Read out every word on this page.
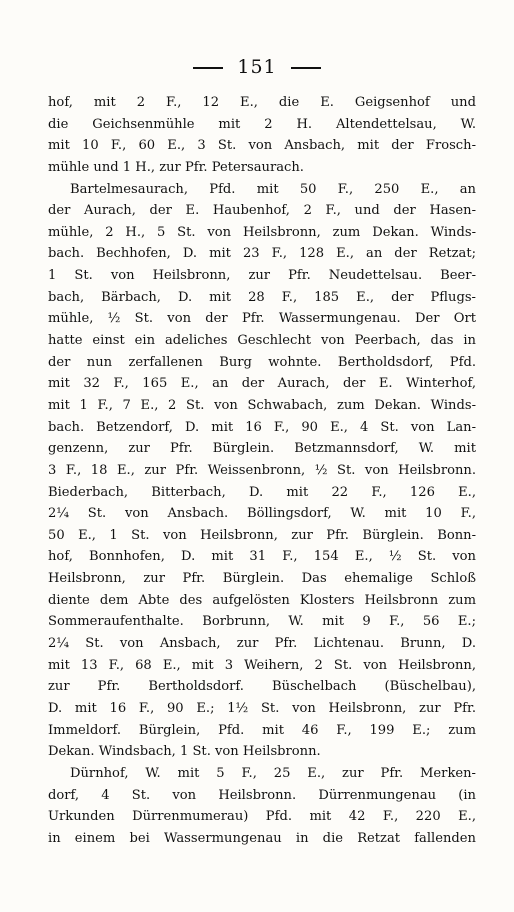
151
hof, mit 2 F., 12 E., die E. Geigsenhof und
die Geichsenmühle mit 2 H. Altendettelsau, W.
mit 10 F., 60 E., 3 St. von Ansbach, mit der Frosch-
mühle und 1 H., zur Pfr. Petersaurach.
Bartelmesaurach, Pfd. mit 50 F., 250 E., an
der Aurach, der E. Haubenhof, 2 F., und der Hasen-
mühle, 2 H., 5 St. von Heilsbronn, zum Dekan. Winds-
bach. Bechhofen, D. mit 23 F., 128 E., an der Retzat;
1 St. von Heilsbronn, zur Pfr. Neudettelsau. Beer-
bach, Bärbach, D. mit 28 F., 185 E., der Pflugs-
mühle, ½ St. von der Pfr. Wassermungenau. Der Ort
hatte einst ein adeliches Geschlecht von Peerbach, das in
der nun zerfallenen Burg wohnte. Bertholdsdorf, Pfd.
mit 32 F., 165 E., an der Aurach, der E. Winterhof,
mit 1 F., 7 E., 2 St. von Schwabach, zum Dekan. Winds-
bach. Betzendorf, D. mit 16 F., 90 E., 4 St. von Lan-
genzenn, zur Pfr. Bürglein. Betzmannsdorf, W. mit
3 F., 18 E., zur Pfr. Weissenbronn, ½ St. von Heilsbronn.
Biederbach, Bitterbach, D. mit 22 F., 126 E.,
2¼ St. von Ansbach. Böllingsdorf, W. mit 10 F.,
50 E., 1 St. von Heilsbronn, zur Pfr. Bürglein. Bonn-
hof, Bonnhofen, D. mit 31 F., 154 E., ½ St. von
Heilsbronn, zur Pfr. Bürglein. Das ehemalige Schloß
diente dem Abte des aufgelösten Klosters Heilsbronn zum
Sommeraufenthalte. Borbrunn, W. mit 9 F., 56 E.;
2¼ St. von Ansbach, zur Pfr. Lichtenau. Brunn, D.
mit 13 F., 68 E., mit 3 Weihern, 2 St. von Heilsbronn,
zur Pfr. Bertholdsdorf. Büschelbach (Büschelbau),
D. mit 16 F., 90 E.; 1½ St. von Heilsbronn, zur Pfr.
Immeldorf. Bürglein, Pfd. mit 46 F., 199 E.; zum
Dekan. Windsbach, 1 St. von Heilsbronn.
Dürnhof, W. mit 5 F., 25 E., zur Pfr. Merken-
dorf, 4 St. von Heilsbronn. Dürrenmungenau (in
Urkunden Dürrenmumerau) Pfd. mit 42 F., 220 E.,
in einem bei Wassermungenau in die Retzat fallenden
